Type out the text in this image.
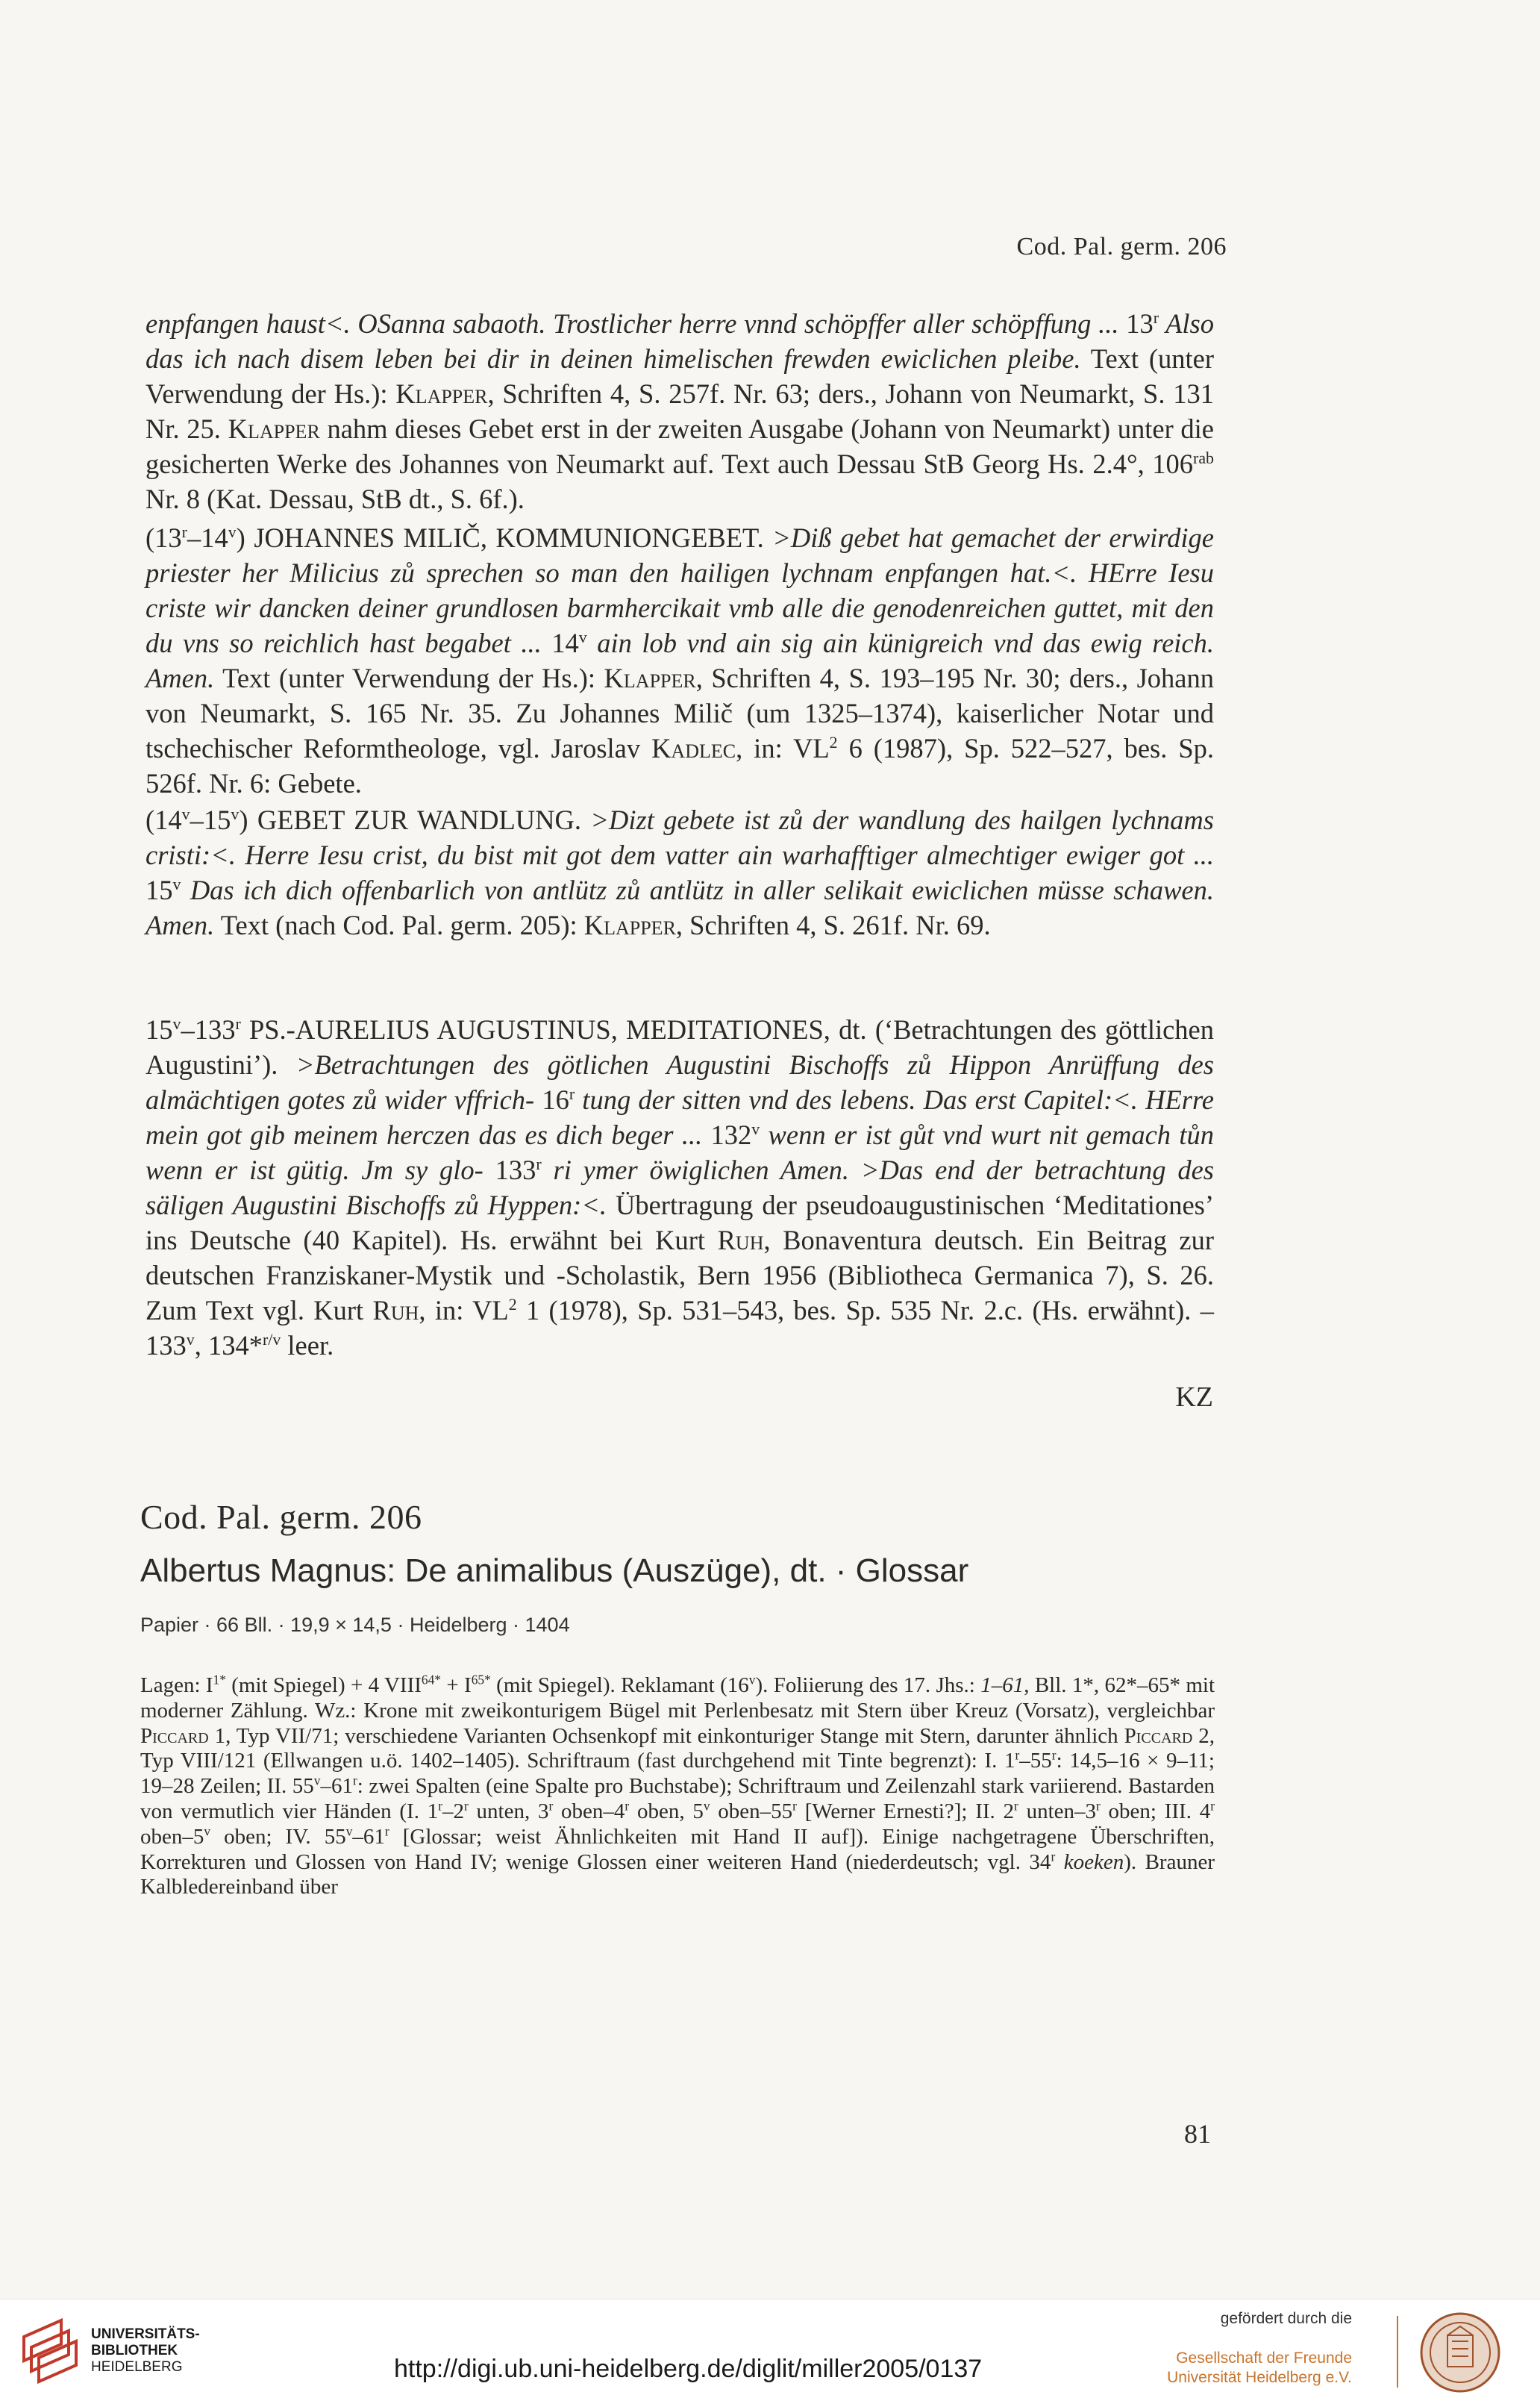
Cod. Pal. germ. 206

enpfangen haust<. OSanna sabaoth. Trostlicher herre vnnd schöpffer aller schöpffung ... 13$^r$ Also das ich nach disem leben bei dir in deinen himelischen frewden ewiclichen pleibe. Text (unter Verwendung der Hs.): Klapper, Schriften 4, S. 257f. Nr. 63; ders., Johann von Neumarkt, S. 131 Nr. 25. Klapper nahm dieses Gebet erst in der zweiten Ausgabe (Johann von Neumarkt) unter die gesicherten Werke des Johannes von Neumarkt auf. Text auch Dessau StB Georg Hs. 2.4°, $106^{rab}$ Nr. 8 (Kat. Dessau, StB dt., S. 6f.).

(13$^r$–14$^v$) JOHANNES MILIČ, KOMMUNIONGEBET. >Diß gebet hat gemachet der erwirdige priester her Milicius zů sprechen so man den hailigen lychnam enpfangen hat.<. HErre Iesu criste wir dancken deiner grundlosen barmhercikait vmb alle die genodenreichen guttet, mit den du vns so reichlich hast begabet ... 14$^v$ ain lob vnd ain sig ain künigreich vnd das ewig reich. Amen. Text (unter Verwendung der Hs.): Klapper, Schriften 4, S. 193–195 Nr. 30; ders., Johann von Neumarkt, S. 165 Nr. 35. Zu Johannes Milič (um 1325–1374), kaiserlicher Notar und tschechischer Reformtheologe, vgl. Jaroslav Kadlec, in: $VL^2$ 6 (1987), Sp. 522–527, bes. Sp. 526f. Nr. 6: Gebete.

(14$^v$–15$^v$) GEBET ZUR WANDLUNG. >Dizt gebete ist zů der wandlung des hailgen lychnams cristi:<. Herre Iesu crist, du bist mit got dem vatter ain warhafftiger almechtiger ewiger got ... 15$^v$ Das ich dich offenbarlich von antlütz zů antlütz in aller selikait ewiclichen müsse schawen. Amen. Text (nach Cod. Pal. germ. 205): Klapper, Schriften 4, S. 261f. Nr. 69.

15$^v$–133$^r$ PS.-AURELIUS AUGUSTINUS, MEDITATIONES, dt. (‘Betrachtungen des göttlichen Augustini’). >Betrachtungen des götlichen Augustini Bischoffs zů Hippon Anrüffung des almächtigen gotes zů wider vffrich- 16$^r$ tung der sitten vnd des lebens. Das erst Capitel:<. HErre mein got gib meinem herczen das es dich beger ... 132$^v$ wenn er ist gůt vnd wurt nit gemach tůn wenn er ist gütig. Jm sy glo- 133$^r$ ri ymer öwiglichen Amen. >Das end der betrachtung des säligen Augustini Bischoffs zů Hyppen:<. Übertragung der pseudoaugustinischen ‘Meditationes’ ins Deutsche (40 Kapitel). Hs. erwähnt bei Kurt Ruh, Bonaventura deutsch. Ein Beitrag zur deutschen Franziskaner-Mystik und -Scholastik, Bern 1956 (Bibliotheca Germanica 7), S. 26. Zum Text vgl. Kurt Ruh, in: $VL^2$ 1 (1978), Sp. 531–543, bes. Sp. 535 Nr. 2.c. (Hs. erwähnt). – 133$^v$, 134*$^{r/v}$ leer.

KZ
Cod. Pal. germ. 206
Albertus Magnus: De animalibus (Auszüge), dt. · Glossar
Papier · 66 Bll. · 19,9 × 14,5 · Heidelberg · 1404
Lagen: $I^{1*}$ (mit Spiegel) + 4 $VIII^{64*} + I^{65*}$ (mit Spiegel). Reklamant (16$^v$). Foliierung des 17. Jhs.: 1–61, Bll. 1*, 62*–65* mit moderner Zählung. Wz.: Krone mit zweikonturigem Bügel mit Perlenbesatz mit Stern über Kreuz (Vorsatz), vergleichbar Piccard 1, Typ VII/71; verschiedene Varianten Ochsenkopf mit einkonturiger Stange mit Stern, darunter ähnlich Piccard 2, Typ VIII/121 (Ellwangen u.ö. 1402–1405). Schriftraum (fast durchgehend mit Tinte begrenzt): I. 1$^r$–55$^r$: 14,5–16 × 9–11; 19–28 Zeilen; II. 55$^v$–61$^r$: zwei Spalten (eine Spalte pro Buchstabe); Schriftraum und Zeilenzahl stark variierend. Bastarden von vermutlich vier Händen (I. 1$^r$–2$^r$ unten, 3$^r$ oben–4$^r$ oben, 5$^v$ oben–55$^r$ [Werner Ernesti?]; II. 2$^r$ unten–3$^r$ oben; III. 4$^r$ oben–5$^v$ oben; IV. 55$^v$–61$^r$ [Glossar; weist Ähnlichkeiten mit Hand II auf]). Einige nachgetragene Überschriften, Korrekturen und Glossen von Hand IV; wenige Glossen einer weiteren Hand (niederdeutsch; vgl. 34$^r$ koeken). Brauner Kalbledereinband über
81
UNIVERSITÄTS-
BIBLIOTHEK
HEIDELBERG	http://digi.ub.uni-heidelberg.de/diglit/miller2005/0137
gefördert durch die
Gesellschaft der Freunde
Universität Heidelberg e.V.
